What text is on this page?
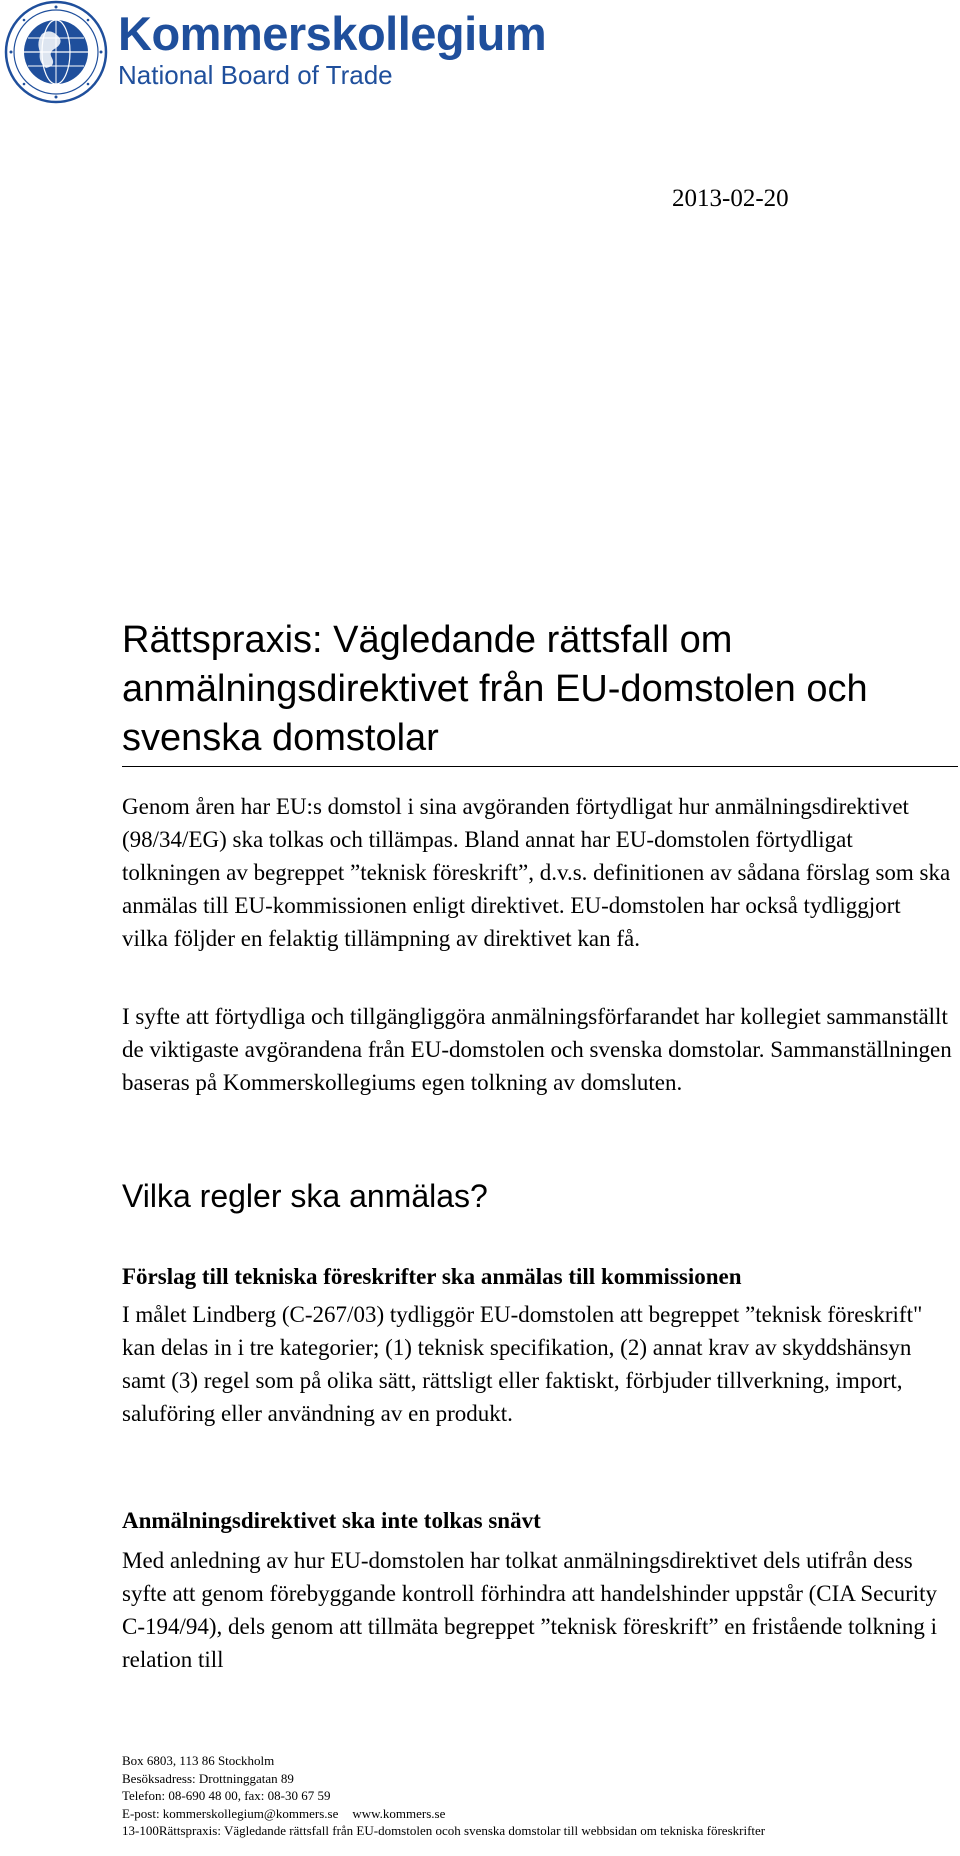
Kommerskollegium
National Board of Trade
2013-02-20
Rättspraxis: Vägledande rättsfall om anmälningsdirektivet från EU-domstolen och svenska domstolar

Genom åren har EU:s domstol i sina avgöranden förtydligat hur anmälningsdirektivet (98/34/EG) ska tolkas och tillämpas. Bland annat har EU-domstolen förtydligat tolkningen av begreppet ”teknisk föreskrift”, d.v.s. definitionen av sådana förslag som ska anmälas till EU-kommissionen enligt direktivet. EU-domstolen har också tydliggjort vilka följder en felaktig tillämpning av direktivet kan få.

I syfte att förtydliga och tillgängliggöra anmälningsförfarandet har kollegiet sammanställt de viktigaste avgörandena från EU-domstolen och svenska domstolar. Sammanställningen baseras på Kommerskollegiums egen tolkning av domsluten.

Vilka regler ska anmälas?
Förslag till tekniska föreskrifter ska anmälas till kommissionen

I målet Lindberg (C-267/03) tydliggör EU-domstolen att begreppet ”teknisk föreskrift" kan delas in i tre kategorier; (1) teknisk specifikation, (2) annat krav av skyddshänsyn samt (3) regel som på olika sätt, rättsligt eller faktiskt, förbjuder tillverkning, import, saluföring eller användning av en produkt.

Anmälningsdirektivet ska inte tolkas snävt

Med anledning av hur EU-domstolen har tolkat anmälningsdirektivet dels utifrån dess syfte att genom förebyggande kontroll förhindra att handelshinder uppstår (CIA Security C-194/94), dels genom att tillmäta begreppet ”teknisk föreskrift” en fristående tolkning i relation till

Box 6803, 113 86 Stockholm
Besöksadress: Drottninggatan 89
Telefon: 08-690 48 00, fax: 08-30 67 59
E-post: kommerskollegium@kommers.se www.kommers.se
13-100Rättspraxis: Vägledande rättsfall från EU-domstolen ocoh svenska domstolar till webbsidan om tekniska föreskrifter
